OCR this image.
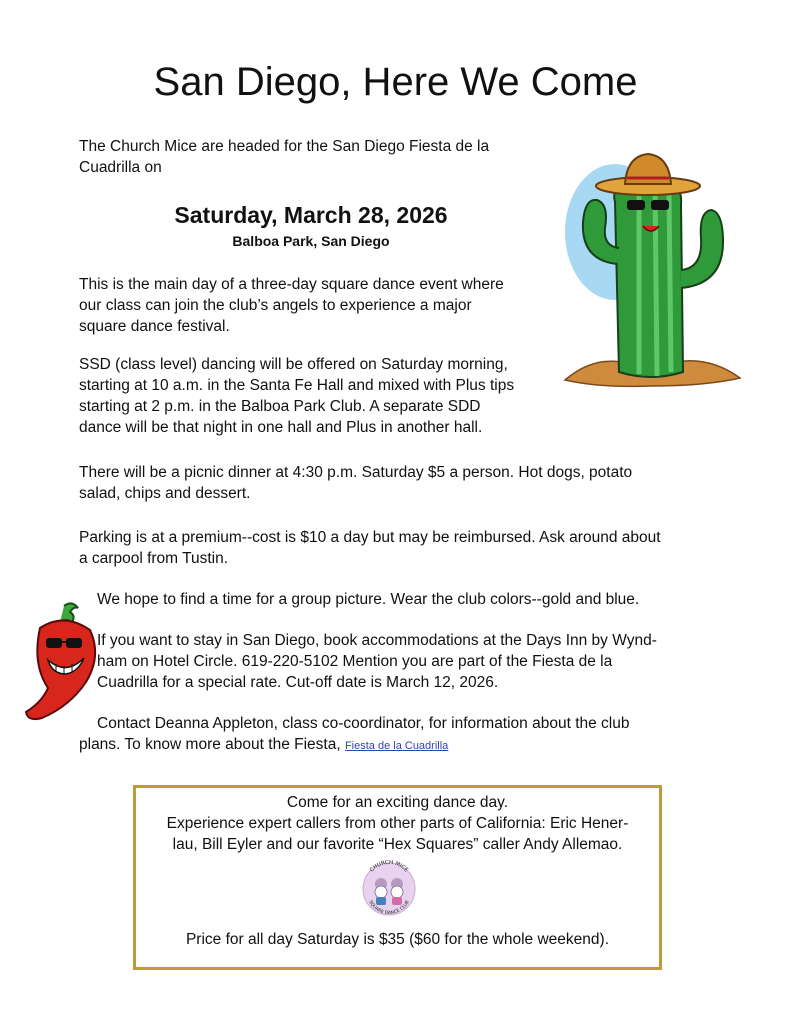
San Diego, Here We Come
The Church Mice are headed for the San Diego Fiesta de la
Cuadrilla on
Saturday, March 28, 2026
Balboa Park, San Diego
This is the main day of a three-day square dance event where
our class can join the club’s angels to experience a major
square dance festival.
SSD (class level) dancing will be offered on Saturday morning,
starting at 10 a.m. in the Santa Fe Hall and mixed with Plus tips
starting at 2 p.m. in the Balboa Park Club. A separate SDD
dance will be that night in one hall and Plus in another hall.
There will be a picnic dinner at 4:30 p.m. Saturday $5 a person. Hot dogs, potato
salad, chips and dessert.
Parking is at a premium--cost is $10 a day but may be reimbursed. Ask around about
a carpool from Tustin.
We hope to find a time for a group picture. Wear the club colors--gold and blue.
If you want to stay in San Diego, book accommodations at the Days Inn by Wynd-
ham on Hotel Circle. 619-220-5102 Mention you are part of the Fiesta de la
Cuadrilla for a special rate. Cut-off date is March 12, 2026.
Contact Deanna Appleton, class co-coordinator, for information about the club
plans. To know more about the Fiesta, Fiesta de la Cuadrilla
Come for an exciting dance day.
Experience expert callers from other parts of California: Eric Hener-
lau, Bill Eyler and our favorite “Hex Squares” caller Andy Allemao.
Price for all day Saturday is $35 ($60 for the whole weekend).
CHURCH MICE
SQUARE DANCE CLUB
